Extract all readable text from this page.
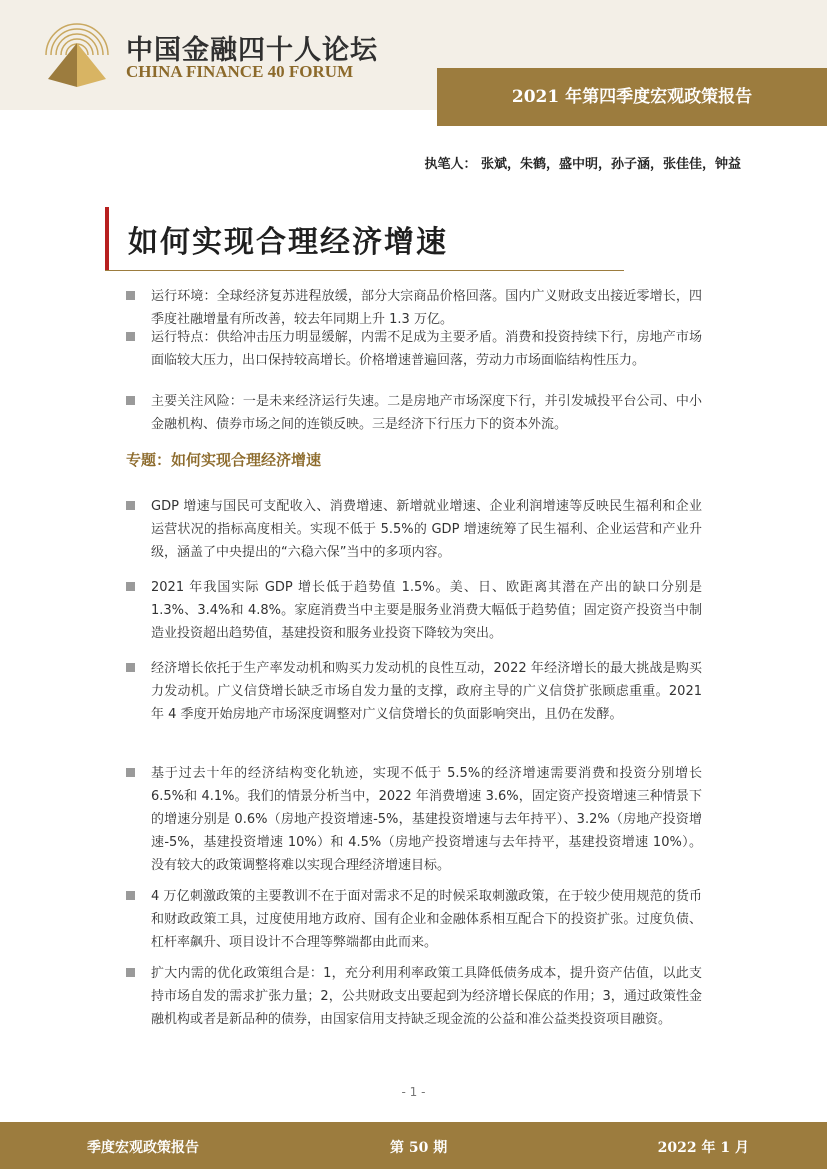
中国金融四十人论坛
CHINA FINANCE 40 FORUM
2021 年第四季度宏观政策报告
执笔人： 张斌，朱鹤，盛中明，孙子涵，张佳佳，钟益
如何实现合理经济增速
运行环境：全球经济复苏进程放缓，部分大宗商品价格回落。国内广义财政支出接近零增长，四季度社融增量有所改善，较去年同期上升 1.3 万亿。
运行特点：供给冲击压力明显缓解，内需不足成为主要矛盾。消费和投资持续下行，房地产市场面临较大压力，出口保持较高增长。价格增速普遍回落，劳动力市场面临结构性压力。
主要关注风险：一是未来经济运行失速。二是房地产市场深度下行，并引发城投平台公司、中小金融机构、债券市场之间的连锁反映。三是经济下行压力下的资本外流。
专题：如何实现合理经济增速
GDP 增速与国民可支配收入、消费增速、新增就业增速、企业利润增速等反映民生福利和企业运营状况的指标高度相关。实现不低于 5.5%的 GDP 增速统筹了民生福利、企业运营和产业升级，涵盖了中央提出的“六稳六保”当中的多项内容。
2021 年我国实际 GDP 增长低于趋势值 1.5%。美、日、欧距离其潜在产出的缺口分别是 1.3%、3.4%和 4.8%。家庭消费当中主要是服务业消费大幅低于趋势值；固定资产投资当中制造业投资超出趋势值，基建投资和服务业投资下降较为突出。
经济增长依托于生产率发动机和购买力发动机的良性互动，2022 年经济增长的最大挑战是购买力发动机。广义信贷增长缺乏市场自发力量的支撑，政府主导的广义信贷扩张顾虑重重。2021 年 4 季度开始房地产市场深度调整对广义信贷增长的负面影响突出，且仍在发酵。
基于过去十年的经济结构变化轨迹，实现不低于 5.5%的经济增速需要消费和投资分别增长 6.5%和 4.1%。我们的情景分析当中，2022 年消费增速 3.6%，固定资产投资增速三种情景下的增速分别是 0.6%（房地产投资增速-5%，基建投资增速与去年持平）、3.2%（房地产投资增速-5%，基建投资增速 10%）和 4.5%（房地产投资增速与去年持平，基建投资增速 10%）。没有较大的政策调整将难以实现合理经济增速目标。
4 万亿刺激政策的主要教训不在于面对需求不足的时候采取刺激政策，在于较少使用规范的货币和财政政策工具，过度使用地方政府、国有企业和金融体系相互配合下的投资扩张。过度负债、杠杆率飙升、项目设计不合理等弊端都由此而来。
扩大内需的优化政策组合是：1，充分利用利率政策工具降低债务成本，提升资产估值，以此支持市场自发的需求扩张力量；2，公共财政支出要起到为经济增长保底的作用；3，通过政策性金融机构或者是新品种的债券，由国家信用支持缺乏现金流的公益和准公益类投资项目融资。
- 1 -
季度宏观政策报告	第 50 期	2022 年 1 月
